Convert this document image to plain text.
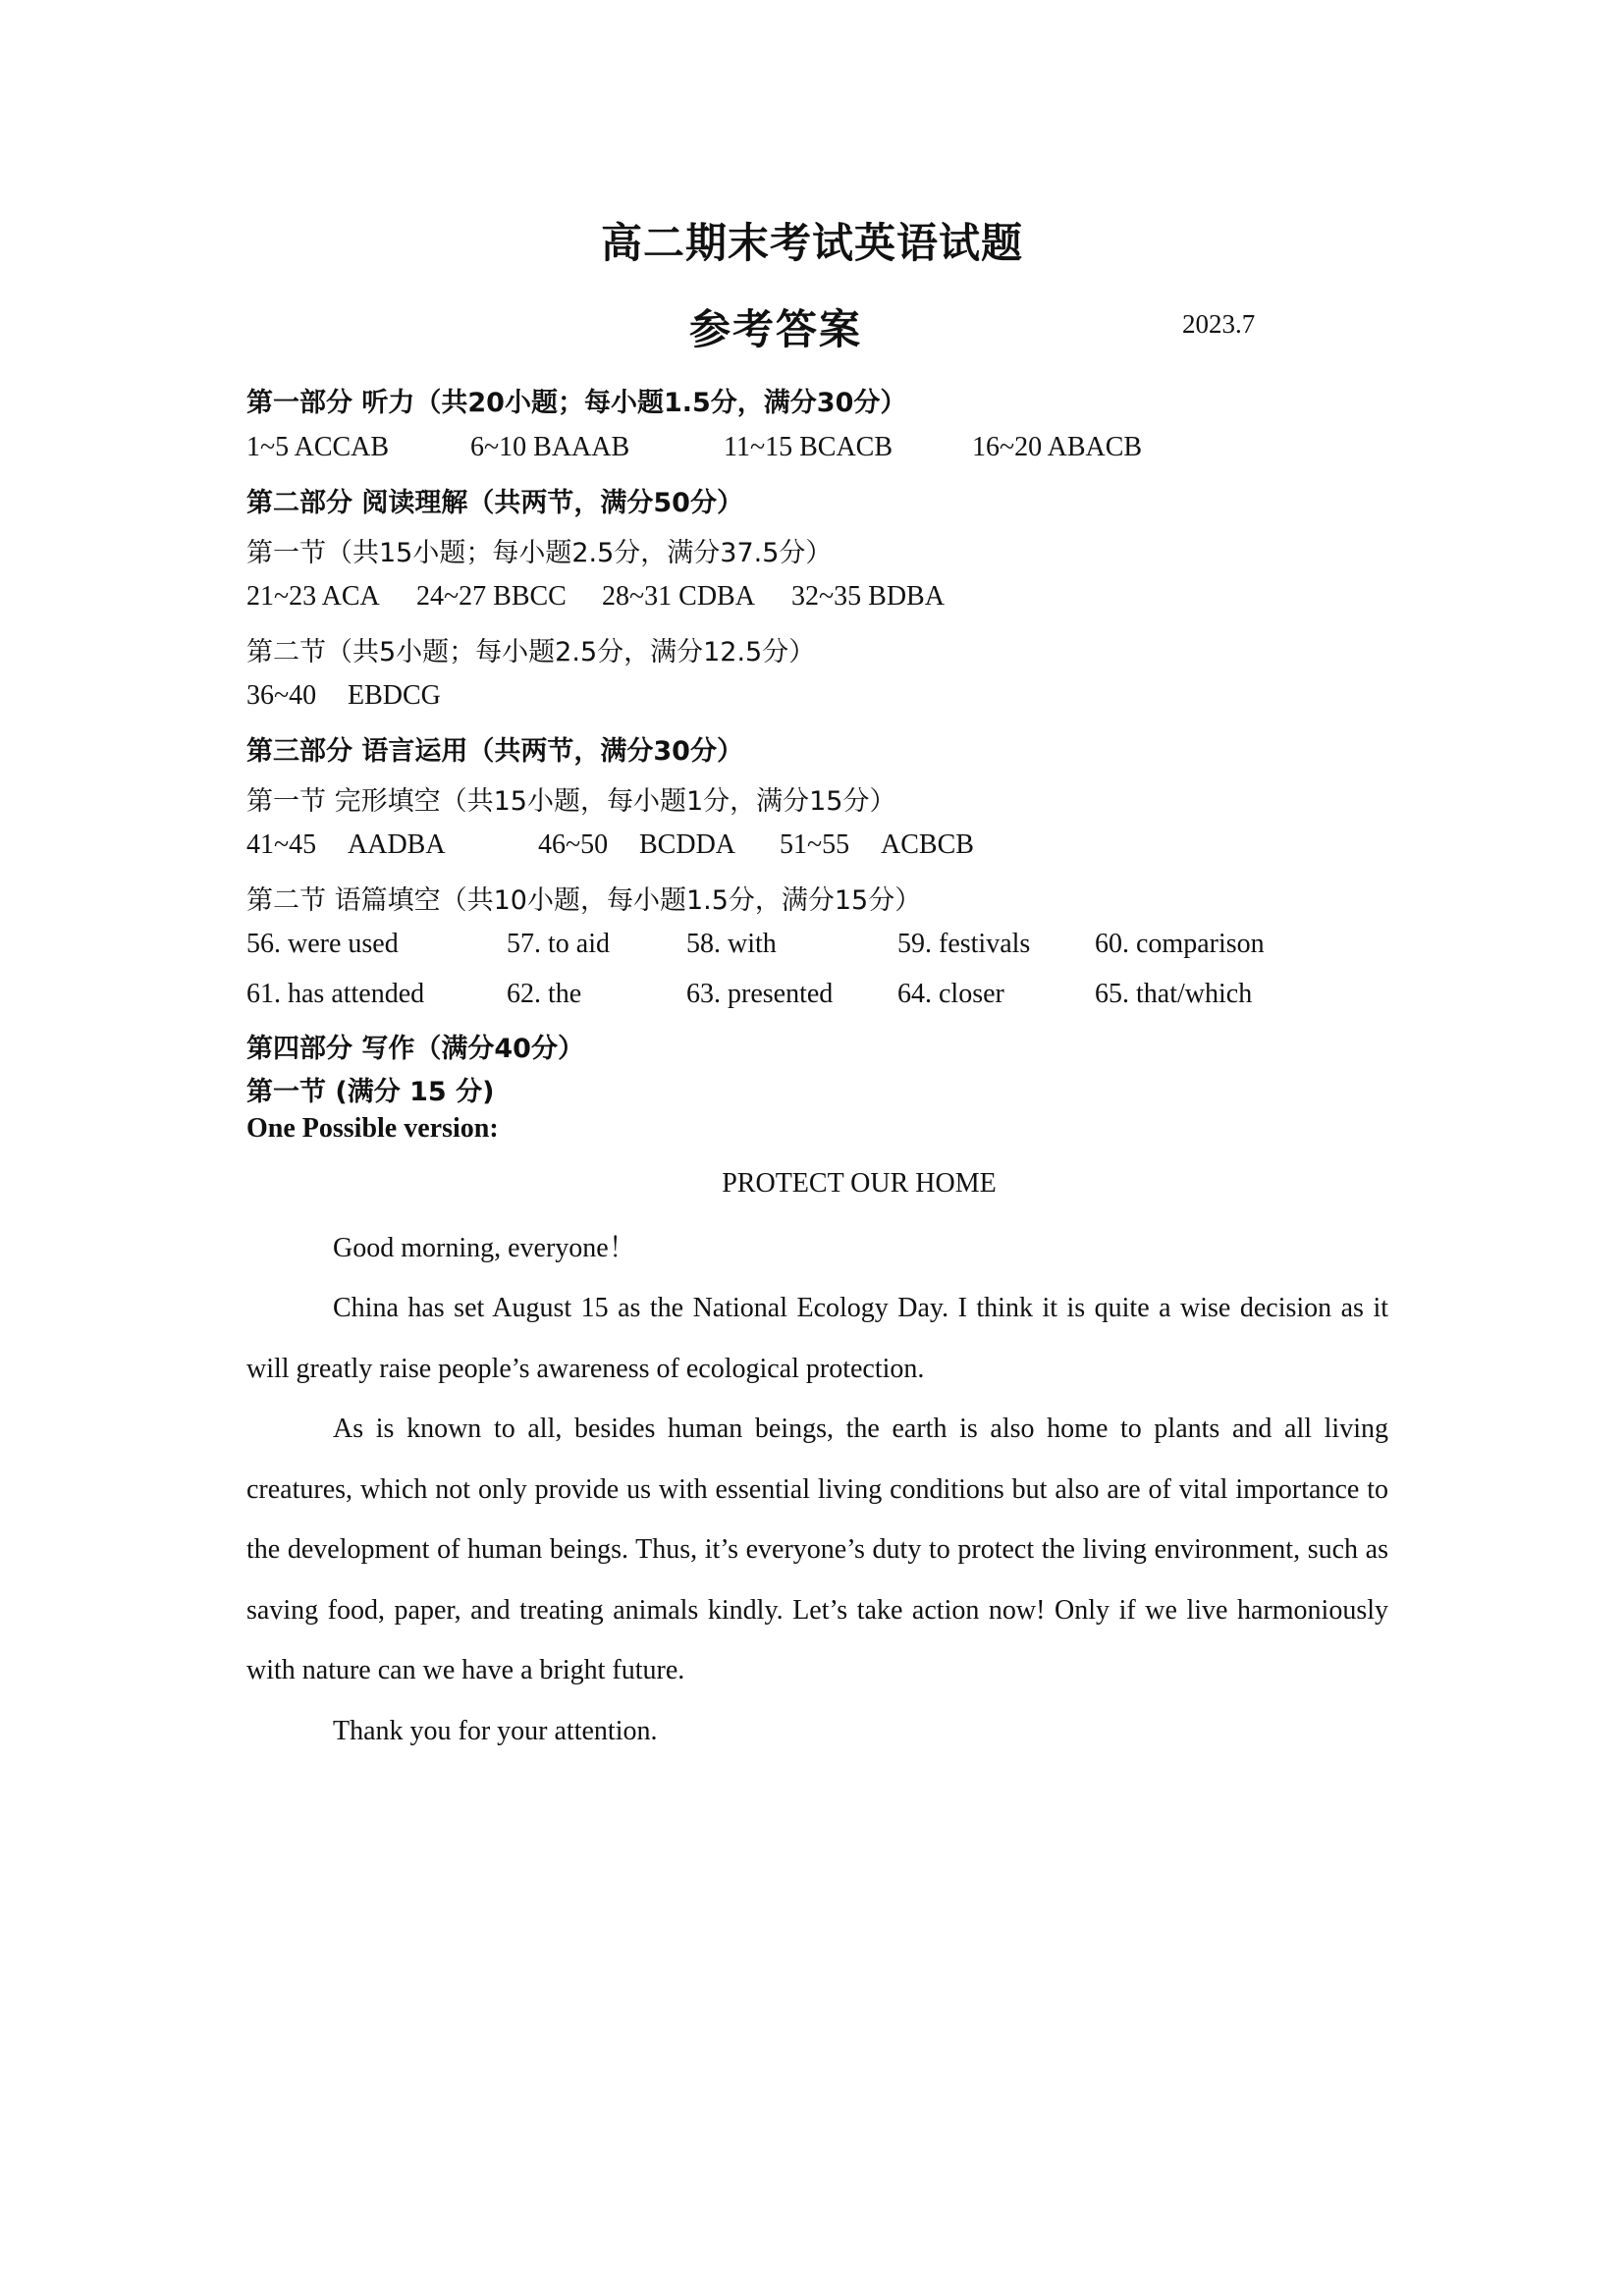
高二期末考试英语试题
参考答案	2023.7
第一部分 听力（共20小题；每小题1.5分，满分30分）
1~5 ACCAB	6~10 BAAAB	11~15 BCACB	16~20 ABACB
第二部分 阅读理解（共两节，满分50分）
第一节（共15小题；每小题2.5分，满分37.5分）
21~23 ACA 24~27 BBCC 28~31 CDBA 32~35 BDBA
第二节（共5小题；每小题2.5分，满分12.5分）
36~40 EBDCG
第三部分 语言运用（共两节，满分30分）
第一节 完形填空（共15小题，每小题1分，满分15分）
41~45 AADBA	46~50 BCDDA 51~55 ACBCB
第二节 语篇填空（共10小题，每小题1.5分，满分15分）
56. were used	57. to aid	58. with	59. festivals 60. comparison
61. has attended	62. the	63. presented 64. closer	65. that/which
第四部分 写作（满分40分）
第一节 (满分 15 分)
One Possible version:
PROTECT OUR HOME

Good morning, everyone！

China has set August 15 as the National Ecology Day. I think it is quite a wise decision as it will greatly raise people’s awareness of ecological protection.

As is known to all, besides human beings, the earth is also home to plants and all living creatures, which not only provide us with essential living conditions but also are of vital importance to the development of human beings. Thus, it’s everyone’s duty to protect the living environment, such as saving food, paper, and treating animals kindly. Let’s take action now! Only if we live harmoniously with nature can we have a bright future.

Thank you for your attention.
